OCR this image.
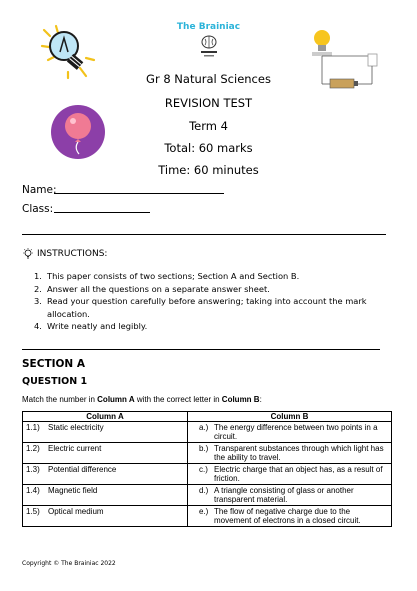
The Brainiac
Gr 8 Natural Sciences
REVISION TEST
Term 4
Total: 60 marks
Time: 60 minutes
Name:
Class:
INSTRUCTIONS:
1. This paper consists of two sections; Section A and Section B.
2. Answer all the questions on a separate answer sheet.
3. Read your question carefully before answering; taking into account the mark allocation.
4. Write neatly and legibly.
SECTION A
QUESTION 1
Match the number in Column A with the correct letter in Column B:
Column A	Column B

1.1) Static electricity	a.) The energy difference between two points in a circuit.

1.2) Electric current	b.) Transparent substances through which light has the ability to travel.

1.3) Potential difference	c.) Electric charge that an object has, as a result of friction.

1.4) Magnetic field	d.) A triangle consisting of glass or another transparent material.

1.5) Optical medium	e.) The flow of negative charge due to the movement of electrons in a closed circuit.
Copyright © The Brainiac 2022
